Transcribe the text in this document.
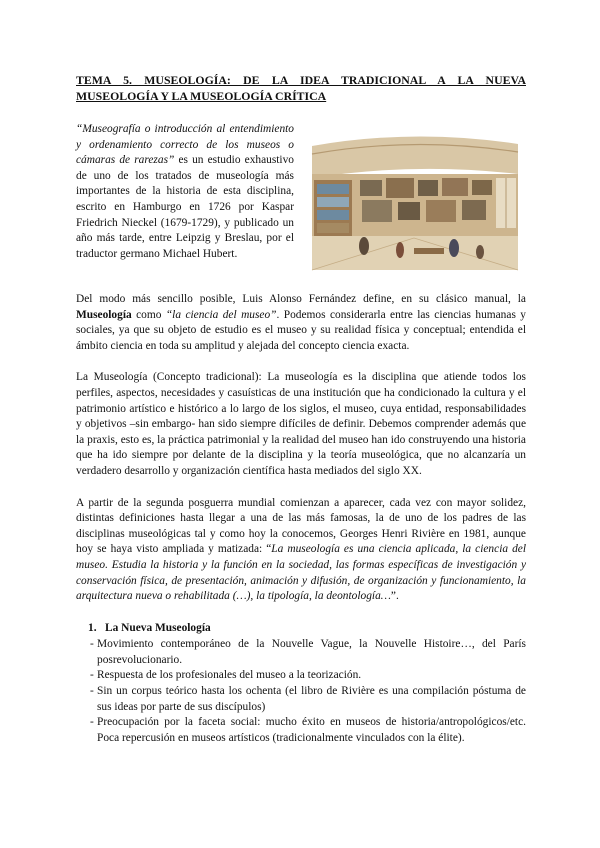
TEMA 5. MUSEOLOGÍA: DE LA IDEA TRADICIONAL A LA NUEVA MUSEOLOGÍA Y LA MUSEOLOGÍA CRÍTICA

“Museografía o introducción al entendimiento y ordenamiento correcto de los museos o cámaras de rarezas” es un estudio exhaustivo de uno de los tratados de museología más importantes de la historia de esta disciplina, escrito en Hamburgo en 1726 por Kaspar Friedrich Nieckel (1679-1729), y publicado un año más tarde, entre Leipzig y Breslau, por el traductor germano Michael Hubert.

Del modo más sencillo posible, Luis Alonso Fernández define, en su clásico manual, la Museología como “la ciencia del museo”. Podemos considerarla entre las ciencias humanas y sociales, ya que su objeto de estudio es el museo y su realidad física y conceptual; entendida el ámbito ciencia en toda su amplitud y alejada del concepto ciencia exacta.

La Museología (Concepto tradicional): La museología es la disciplina que atiende todos los perfiles, aspectos, necesidades y casuísticas de una institución que ha condicionado la cultura y el patrimonio artístico e histórico a lo largo de los siglos, el museo, cuya entidad, responsabilidades y objetivos –sin embargo- han sido siempre difíciles de definir. Debemos comprender además que la praxis, esto es, la práctica patrimonial y la realidad del museo han ido construyendo una historia que ha ido siempre por delante de la disciplina y la teoría museológica, que no alcanzaría un verdadero desarrollo y organización científica hasta mediados del siglo XX.

A partir de la segunda posguerra mundial comienzan a aparecer, cada vez con mayor solidez, distintas definiciones hasta llegar a una de las más famosas, la de uno de los padres de las disciplinas museológicas tal y como hoy la conocemos, Georges Henri Rivière en 1981, aunque hoy se haya visto ampliada y matizada: “La museología es una ciencia aplicada, la ciencia del museo. Estudia la historia y la función en la sociedad, las formas específicas de investigación y conservación física, de presentación, animación y difusión, de organización y funcionamiento, la arquitectura nueva o rehabilitada (…), la tipología, la deontología…”.

1. La Nueva Museología
- Movimiento contemporáneo de la Nouvelle Vague, la Nouvelle Histoire…, del París posrevolucionario.
- Respuesta de los profesionales del museo a la teorización.
- Sin un corpus teórico hasta los ochenta (el libro de Rivière es una compilación póstuma de sus ideas por parte de sus discípulos)
- Preocupación por la faceta social: mucho éxito en museos de historia/antropológicos/etc. Poca repercusión en museos artísticos (tradicionalmente vinculados con la élite).
